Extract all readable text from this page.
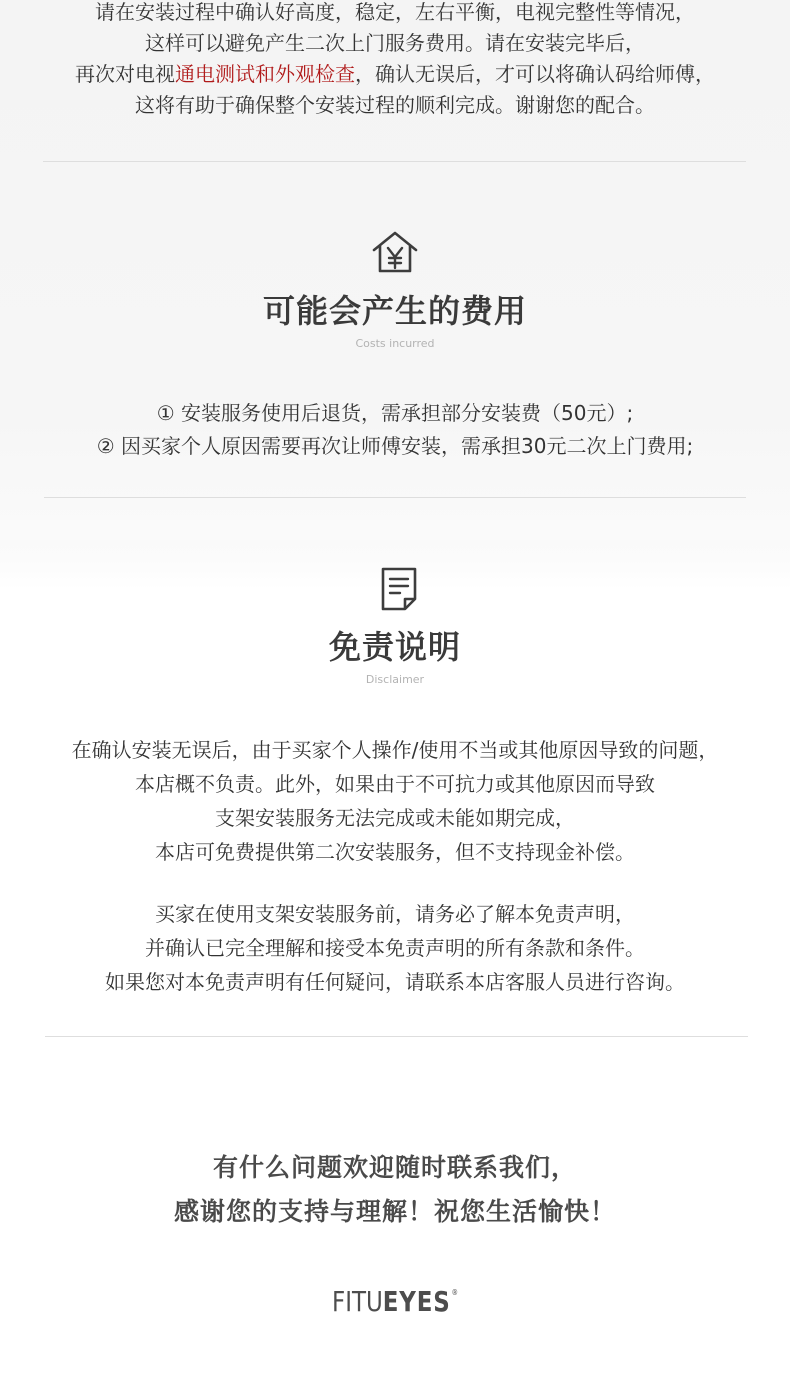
请在安装过程中确认好高度，稳定，左右平衡，电视完整性等情况，
这样可以避免产生二次上门服务费用。请在安装完毕后，
再次对电视通电测试和外观检查，确认无误后，才可以将确认码给师傅，
这将有助于确保整个安装过程的顺利完成。谢谢您的配合。
可能会产生的费用
Costs incurred
① 安装服务使用后退货，需承担部分安装费（50元）;
② 因买家个人原因需要再次让师傅安装，需承担30元二次上门费用;
免责说明
Disclaimer
在确认安装无误后，由于买家个人操作/使用不当或其他原因导致的问题，
本店概不负责。此外，如果由于不可抗力或其他原因而导致
支架安装服务无法完成或未能如期完成，
本店可免费提供第二次安装服务，但不支持现金补偿。
买家在使用支架安装服务前，请务必了解本免责声明，
并确认已完全理解和接受本免责声明的所有条款和条件。
如果您对本免责声明有任何疑问，请联系本店客服人员进行咨询。
有什么问题欢迎随时联系我们，
感谢您的支持与理解！祝您生活愉快！
FITUEYES®
